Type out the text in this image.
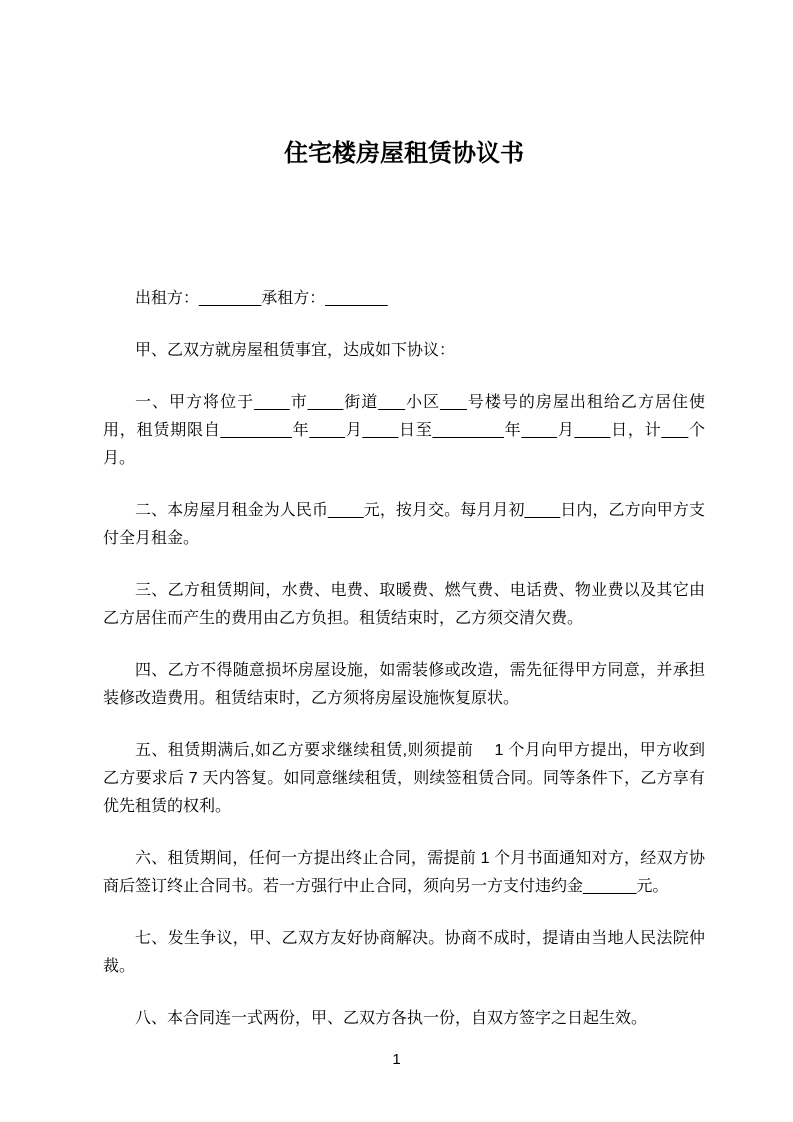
住宅楼房屋租赁协议书

出租方：_______承租方：_______

甲、乙双方就房屋租赁事宜，达成如下协议：

一、甲方将位于____市____街道___小区___号楼号的房屋出租给乙方居住使用，租赁期限自________年____月____日至________年____月____日，计___个月。

二、本房屋月租金为人民币____元，按月交。每月月初____日内，乙方向甲方支付全月租金。

三、乙方租赁期间，水费、电费、取暖费、燃气费、电话费、物业费以及其它由乙方居住而产生的费用由乙方负担。租赁结束时，乙方须交清欠费。

四、乙方不得随意损坏房屋设施，如需装修或改造，需先征得甲方同意，并承担装修改造费用。租赁结束时，乙方须将房屋设施恢复原状。

五、租赁期满后,如乙方要求继续租赁,则须提前　 1 个月向甲方提出，甲方收到乙方要求后 7 天内答复。如同意继续租赁，则续签租赁合同。同等条件下，乙方享有优先租赁的权利。

六、租赁期间，任何一方提出终止合同，需提前 1 个月书面通知对方，经双方协商后签订终止合同书。若一方强行中止合同，须向另一方支付违约金______元。

七、发生争议，甲、乙双方友好协商解决。协商不成时，提请由当地人民法院仲裁。

八、本合同连一式两份，甲、乙双方各执一份，自双方签字之日起生效。

1
